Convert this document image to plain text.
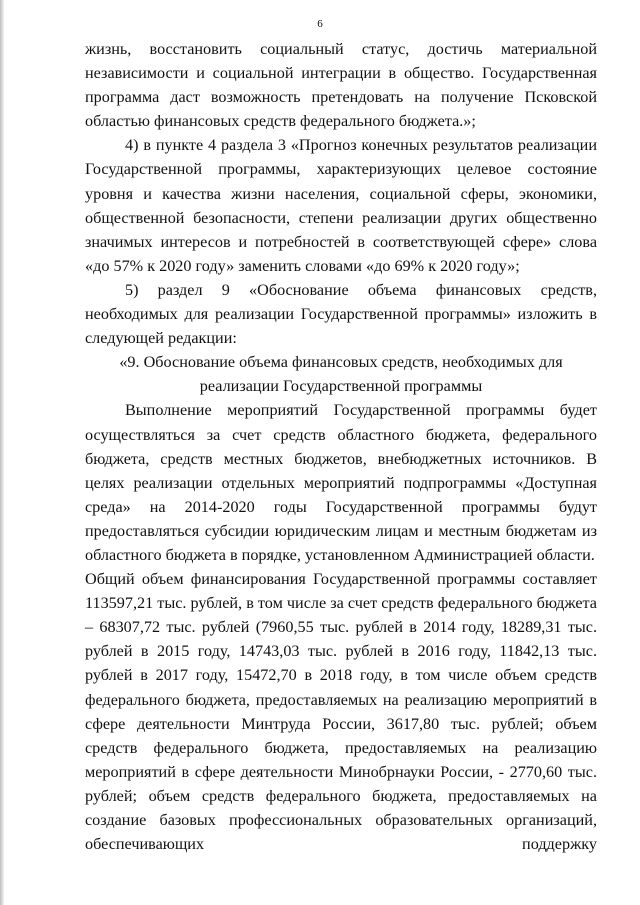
6

жизнь, восстановить социальный статус, достичь материальной независимости и социальной интеграции в общество. Государственная программа даст возможность претендовать на получение Псковской областью финансовых средств федерального бюджета.»;

4) в пункте 4 раздела 3 «Прогноз конечных результатов реализации Государственной программы, характеризующих целевое состояние уровня и качества жизни населения, социальной сферы, экономики, общественной безопасности, степени реализации других общественно значимых интересов и потребностей в соответствующей сфере» слова «до 57% к 2020 году» заменить словами «до 69% к 2020 году»;

5) раздел 9 «Обоснование объема финансовых средств, необходимых для реализации Государственной программы» изложить в следующей редакции:

«9. Обоснование объема финансовых средств, необходимых для

реализации Государственной программы

Выполнение мероприятий Государственной программы будет осуществляться за счет средств областного бюджета, федерального бюджета, средств местных бюджетов, внебюджетных источников. В целях реализации отдельных мероприятий подпрограммы «Доступная среда» на 2014-2020 годы Государственной программы будут предоставляться субсидии юридическим лицам и местным бюджетам из областного бюджета в порядке, установленном Администрацией области.

Общий объем финансирования Государственной программы составляет 113597,21 тыс. рублей, в том числе за счет средств федерального бюджета – 68307,72 тыс. рублей (7960,55 тыс. рублей в 2014 году, 18289,31 тыс. рублей в 2015 году, 14743,03 тыс. рублей в 2016 году, 11842,13 тыс. рублей в 2017 году, 15472,70 в 2018 году, в том числе объем средств федерального бюджета, предоставляемых на реализацию мероприятий в сфере деятельности Минтруда России, 3617,80 тыс. рублей; объем средств федерального бюджета, предоставляемых на реализацию мероприятий в сфере деятельности Минобрнауки России, - 2770,60 тыс. рублей; объем средств федерального бюджета, предоставляемых на создание базовых профессиональных образовательных организаций, обеспечивающих поддержку
